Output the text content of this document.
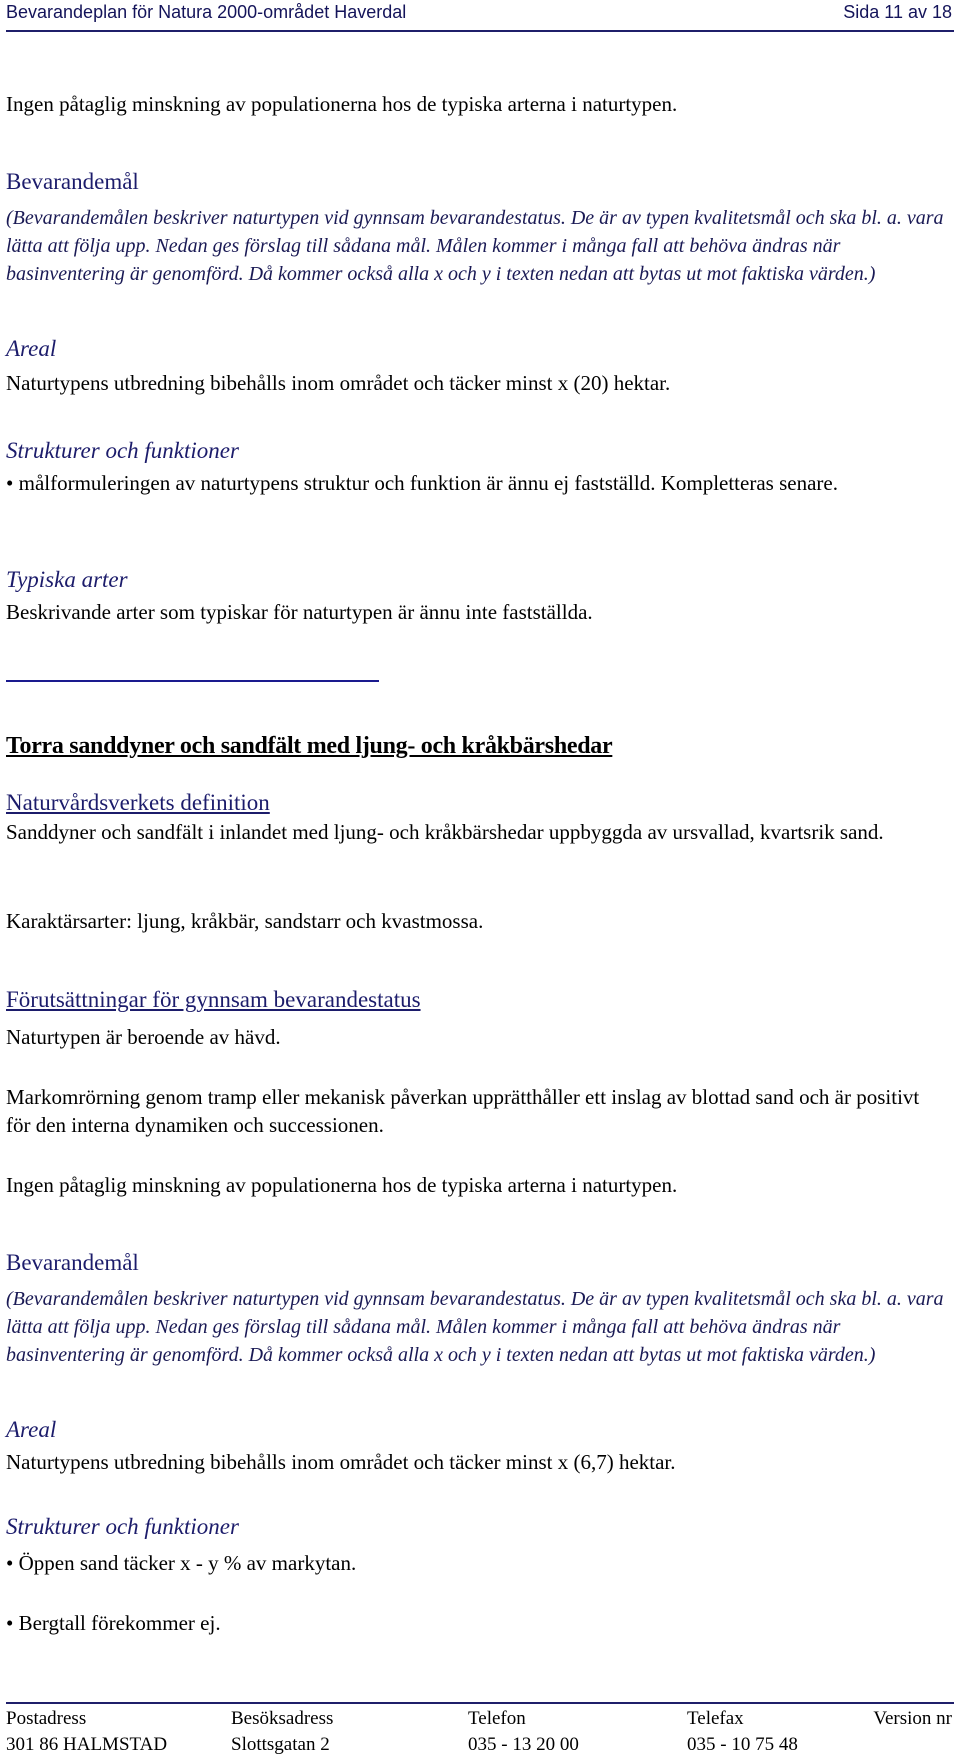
Bevarandeplan för Natura 2000-området Haverdal	Sida 11 av 18
Ingen påtaglig minskning av populationerna hos de typiska arterna i naturtypen.
Bevarandemål
(Bevarandemålen beskriver naturtypen vid gynnsam bevarandestatus. De är av typen kvalitetsmål och ska bl. a. vara lätta att följa upp. Nedan ges förslag till sådana mål. Målen kommer i många fall att behöva ändras när basinventering är genomförd. Då kommer också alla x och y i texten nedan att bytas ut mot faktiska värden.)
Areal
Naturtypens utbredning bibehålls inom området och täcker minst x (20) hektar.
Strukturer och funktioner
• målformuleringen av naturtypens struktur och funktion är ännu ej fastställd. Kompletteras senare.
Typiska arter
Beskrivande arter som typiskar för naturtypen är ännu inte fastställda.
Torra sanddyner och sandfält med ljung- och kråkbärshedar
Naturvårdsverkets definition
Sanddyner och sandfält i inlandet med ljung- och kråkbärshedar uppbyggda av ursvallad, kvartsrik sand.
Karaktärsarter: ljung, kråkbär, sandstarr och kvastmossa.
Förutsättningar för gynnsam bevarandestatus
Naturtypen är beroende av hävd.
Markomrörning genom tramp eller mekanisk påverkan upprätthåller ett inslag av blottad sand och är positivt för den interna dynamiken och successionen.
Ingen påtaglig minskning av populationerna hos de typiska arterna i naturtypen.
Bevarandemål
(Bevarandemålen beskriver naturtypen vid gynnsam bevarandestatus. De är av typen kvalitetsmål och ska bl. a. vara lätta att följa upp. Nedan ges förslag till sådana mål. Målen kommer i många fall att behöva ändras när basinventering är genomförd. Då kommer också alla x och y i texten nedan att bytas ut mot faktiska värden.)
Areal
Naturtypens utbredning bibehålls inom området och täcker minst x (6,7) hektar.
Strukturer och funktioner
• Öppen sand täcker x - y % av markytan.
• Bergtall förekommer ej.
Postadress
301 86 HALMSTAD
Besöksadress
Slottsgatan 2
Telefon
035 - 13 20 00
Telefax
035 - 10 75 48
Version nr
